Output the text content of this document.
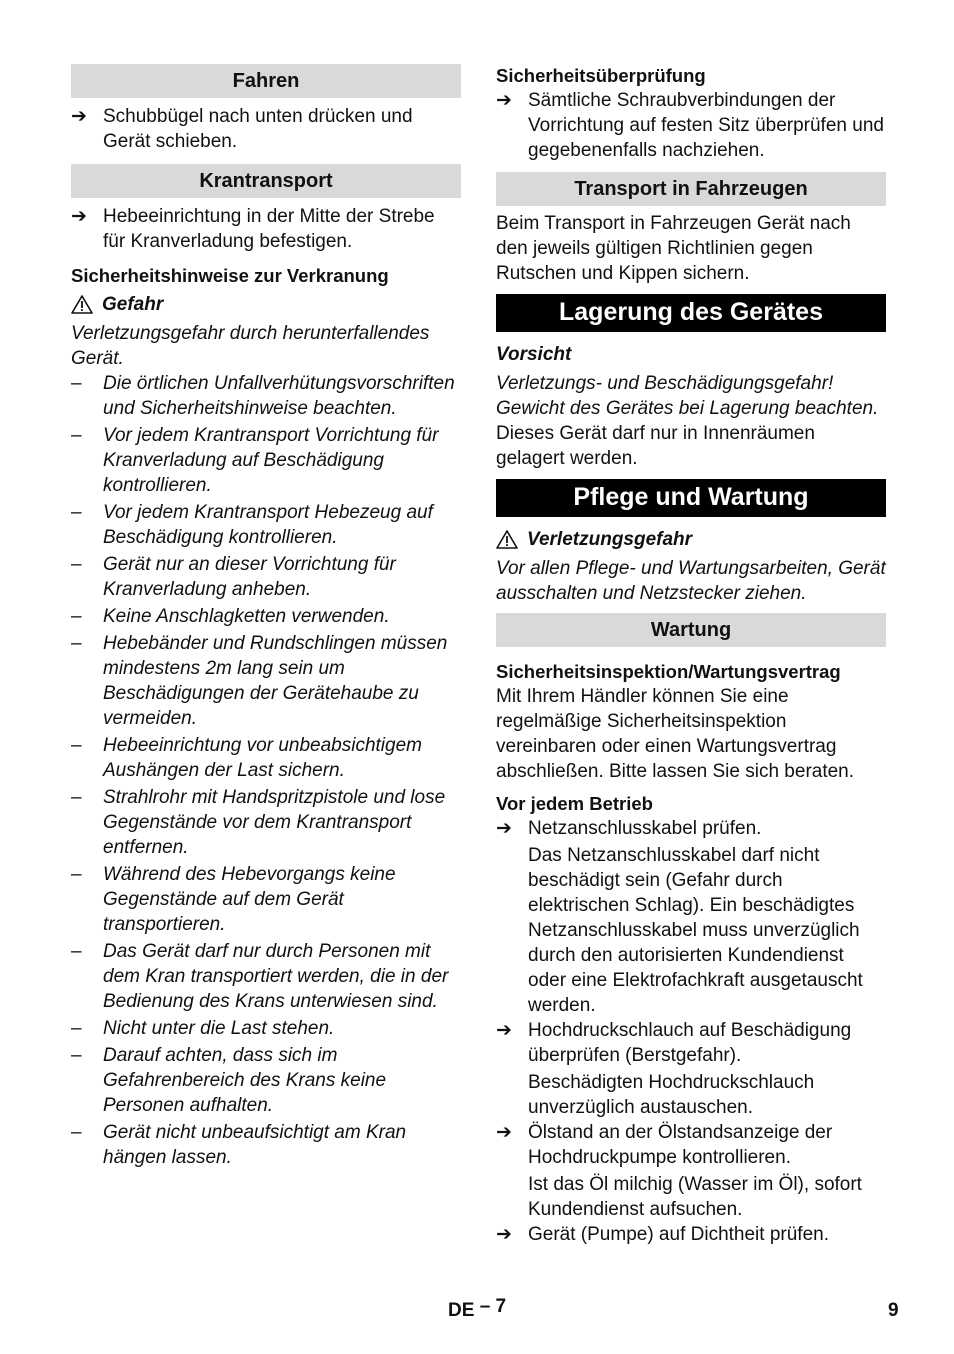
Fahren
➔ Schubbügel nach unten drücken und Gerät schieben.
Krantransport
➔ Hebeeinrichtung in der Mitte der Strebe für Kranverladung befestigen.

Sicherheitshinweise zur Verkranung

Gefahr

Verletzungsgefahr durch herunterfallendes Gerät.

– Die örtlichen Unfallverhütungsvorschriften und Sicherheitshinweise beachten.
– Vor jedem Krantransport Vorrichtung für Kranverladung auf Beschädigung kontrollieren.
– Vor jedem Krantransport Hebezeug auf Beschädigung kontrollieren.
– Gerät nur an dieser Vorrichtung für Kranverladung anheben.
– Keine Anschlagketten verwenden.
– Hebebänder und Rundschlingen müssen mindestens 2m lang sein um Beschädigungen der Gerätehaube zu vermeiden.
– Hebeeinrichtung vor unbeabsichtigem Aushängen der Last sichern.
– Strahlrohr mit Handspritzpistole und lose Gegenstände vor dem Krantransport entfernen.
– Während des Hebevorgangs keine Gegenstände auf dem Gerät transportieren.
– Das Gerät darf nur durch Personen mit dem Kran transportiert werden, die in der Bedienung des Krans unterwiesen sind.
– Nicht unter die Last stehen.
– Darauf achten, dass sich im Gefahrenbereich des Krans keine Personen aufhalten.
– Gerät nicht unbeaufsichtigt am Kran hängen lassen.

Sicherheitsüberprüfung

➔ Sämtliche Schraubverbindungen der Vorrichtung auf festen Sitz überprüfen und gegebenenfalls nachziehen.
Transport in Fahrzeugen

Beim Transport in Fahrzeugen Gerät nach den jeweils gültigen Richtlinien gegen Rutschen und Kippen sichern.

Lagerung des Gerätes

Vorsicht

Verletzungs- und Beschädigungsgefahr! Gewicht des Gerätes bei Lagerung beachten.

Dieses Gerät darf nur in Innenräumen gelagert werden.

Pflege und Wartung

Verletzungsgefahr

Vor allen Pflege- und Wartungsarbeiten, Gerät ausschalten und Netzstecker ziehen.

Wartung

Sicherheitsinspektion/Wartungsvertrag

Mit Ihrem Händler können Sie eine regelmäßige Sicherheitsinspektion vereinbaren oder einen Wartungsvertrag abschließen. Bitte lassen Sie sich beraten.

Vor jedem Betrieb

➔ Netzanschlusskabel prüfen.

Das Netzanschlusskabel darf nicht beschädigt sein (Gefahr durch elektrischen Schlag). Ein beschädigtes Netzanschlusskabel muss unverzüglich durch den autorisierten Kundendienst oder eine Elektrofachkraft ausgetauscht werden.

➔ Hochdruckschlauch auf Beschädigung überprüfen (Berstgefahr).

Beschädigten Hochdruckschlauch unverzüglich austauschen.

➔ Ölstand an der Ölstandsanzeige der Hochdruckpumpe kontrollieren.

Ist das Öl milchig (Wasser im Öl), sofort Kundendienst aufsuchen.

➔ Gerät (Pumpe) auf Dichtheit prüfen.
DE – 7	9
